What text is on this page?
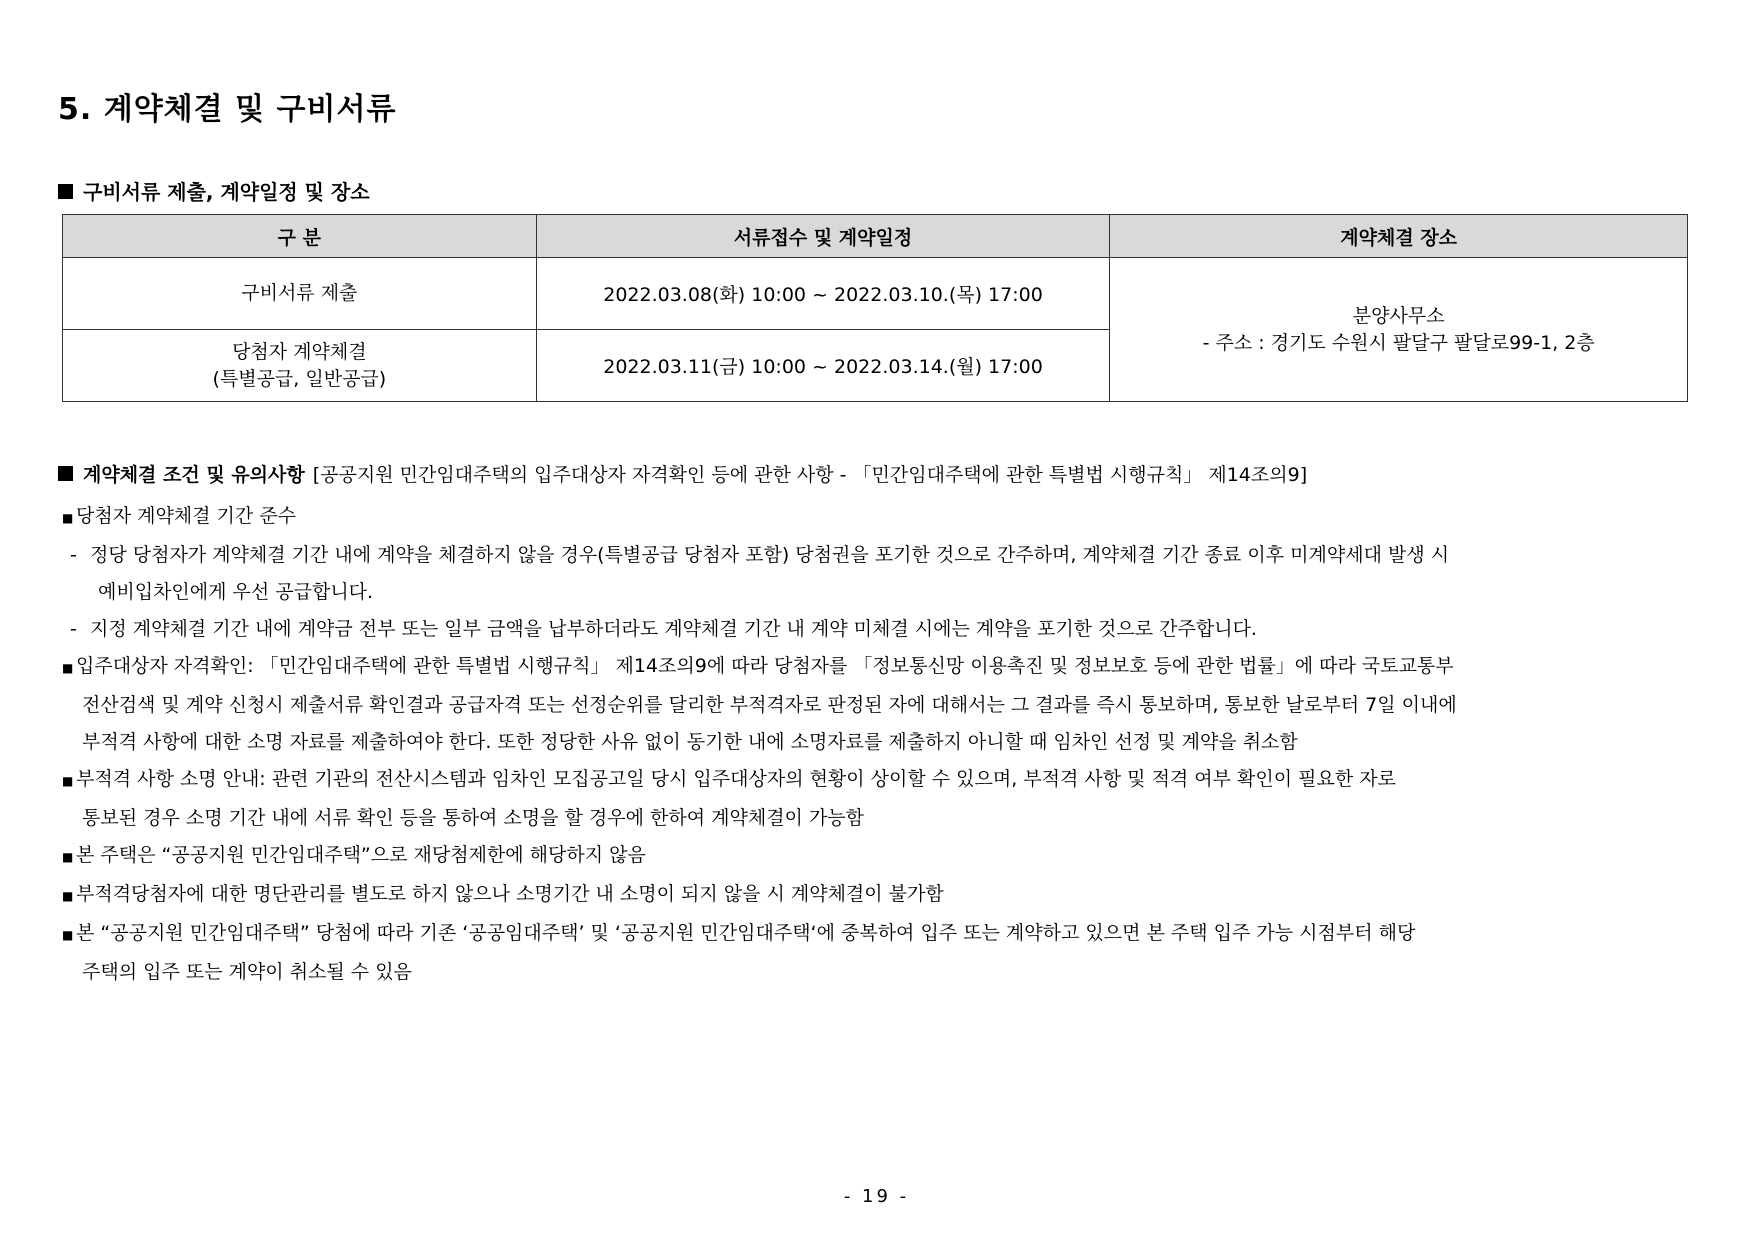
5. 계약체결 및 구비서류
구비서류 제출, 계약일정 및 장소
구 분	서류접수 및 계약일정	계약체결 장소

구비서류 제출	2022.03.08(화) 10:00 ~ 2022.03.10.(목) 17:00	분양사무소
- 주소 : 경기도 수원시 팔달구 팔달로99-1, 2층

당첨자 계약체결
(특별공급, 일반공급)	2022.03.11(금) 10:00 ~ 2022.03.14.(월) 17:00	
계약체결 조건 및 유의사항 [공공지원 민간임대주택의 입주대상자 자격확인 등에 관한 사항 - 「민간임대주택에 관한 특별법 시행규칙」 제14조의9]
■ 당첨자 계약체결 기간 준수
- 정당 당첨자가 계약체결 기간 내에 계약을 체결하지 않을 경우(특별공급 당첨자 포함) 당첨권을 포기한 것으로 간주하며, 계약체결 기간 종료 이후 미계약세대 발생 시
예비입차인에게 우선 공급합니다.
- 지정 계약체결 기간 내에 계약금 전부 또는 일부 금액을 납부하더라도 계약체결 기간 내 계약 미체결 시에는 계약을 포기한 것으로 간주합니다.
■ 입주대상자 자격확인: 「민간임대주택에 관한 특별법 시행규칙」 제14조의9에 따라 당첨자를 「정보통신망 이용촉진 및 정보보호 등에 관한 법률」에 따라 국토교통부
전산검색 및 계약 신청시 제출서류 확인결과 공급자격 또는 선정순위를 달리한 부적격자로 판정된 자에 대해서는 그 결과를 즉시 통보하며, 통보한 날로부터 7일 이내에
부적격 사항에 대한 소명 자료를 제출하여야 한다. 또한 정당한 사유 없이 동기한 내에 소명자료를 제출하지 아니할 때 임차인 선정 및 계약을 취소함
■ 부적격 사항 소명 안내: 관련 기관의 전산시스템과 임차인 모집공고일 당시 입주대상자의 현황이 상이할 수 있으며, 부적격 사항 및 적격 여부 확인이 필요한 자로
통보된 경우 소명 기간 내에 서류 확인 등을 통하여 소명을 할 경우에 한하여 계약체결이 가능함
■ 본 주택은 “공공지원 민간임대주택”으로 재당첨제한에 해당하지 않음
■ 부적격당첨자에 대한 명단관리를 별도로 하지 않으나 소명기간 내 소명이 되지 않을 시 계약체결이 불가함
■ 본 “공공지원 민간임대주택” 당첨에 따라 기존 ‘공공임대주택’ 및 ‘공공지원 민간임대주택‘에 중복하여 입주 또는 계약하고 있으면 본 주택 입주 가능 시점부터 해당
주택의 입주 또는 계약이 취소될 수 있음
- 19 -
